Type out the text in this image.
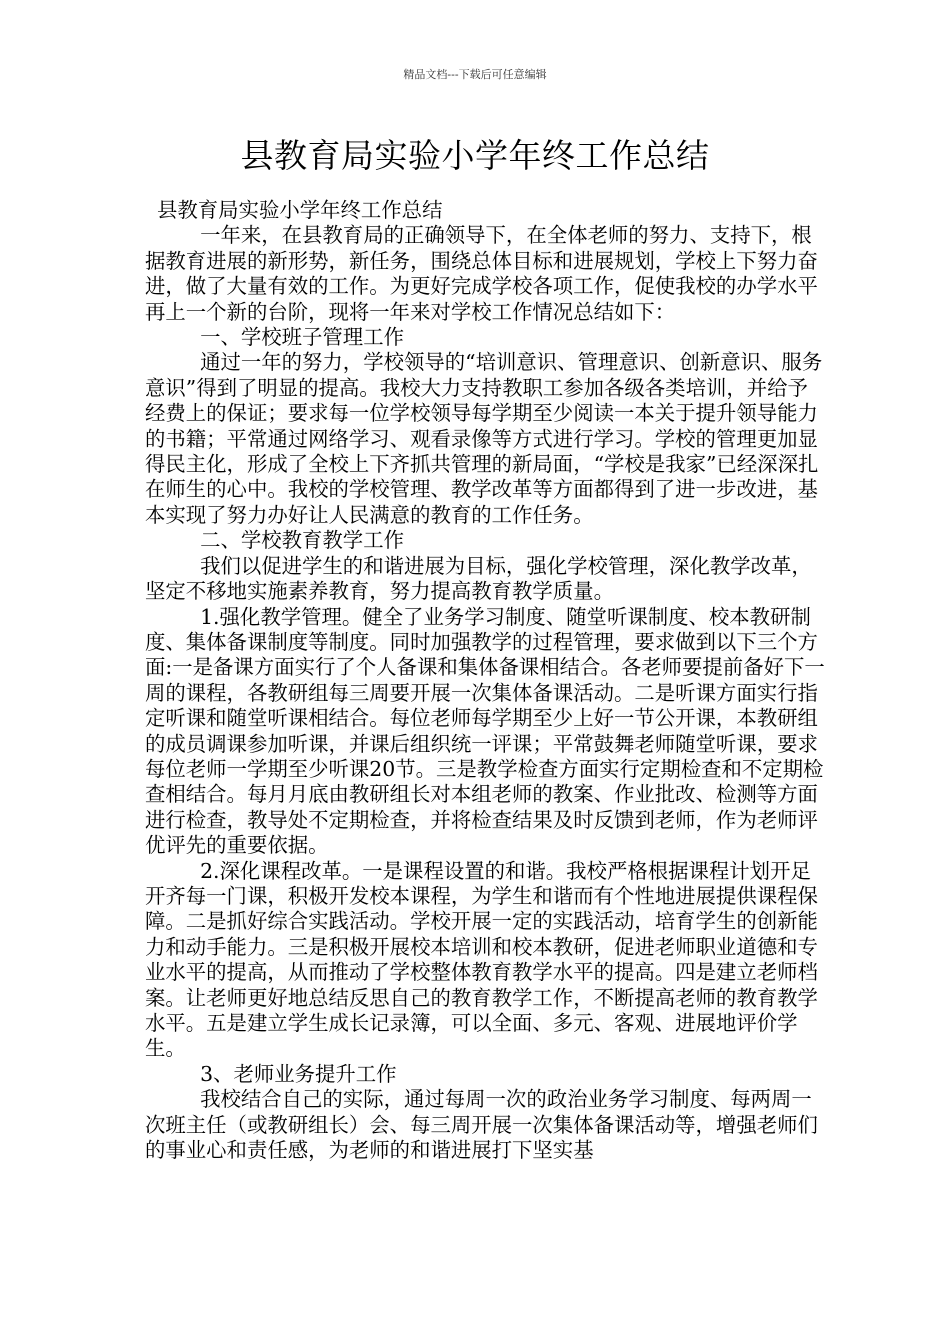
精品文档---下载后可任意编辑
县教育局实验小学年终工作总结

县教育局实验小学年终工作总结

一年来，在县教育局的正确领导下，在全体老师的努力、支持下，根据教育进展的新形势，新任务，围绕总体目标和进展规划，学校上下努力奋进，做了大量有效的工作。为更好完成学校各项工作，促使我校的办学水平再上一个新的台阶，现将一年来对学校工作情况总结如下：

一、学校班子管理工作

通过一年的努力，学校领导的“培训意识、管理意识、创新意识、服务意识”得到了明显的提高。我校大力支持教职工参加各级各类培训，并给予经费上的保证；要求每一位学校领导每学期至少阅读一本关于提升领导能力的书籍；平常通过网络学习、观看录像等方式进行学习。学校的管理更加显得民主化，形成了全校上下齐抓共管理的新局面，“学校是我家”已经深深扎在师生的心中。我校的学校管理、教学改革等方面都得到了进一步改进，基本实现了努力办好让人民满意的教育的工作任务。

二、学校教育教学工作

我们以促进学生的和谐进展为目标，强化学校管理，深化教学改革，坚定不移地实施素养教育，努力提高教育教学质量。

1.强化教学管理。健全了业务学习制度、随堂听课制度、校本教研制度、集体备课制度等制度。同时加强教学的过程管理，要求做到以下三个方面:一是备课方面实行了个人备课和集体备课相结合。各老师要提前备好下一周的课程，各教研组每三周要开展一次集体备课活动。二是听课方面实行指定听课和随堂听课相结合。每位老师每学期至少上好一节公开课，本教研组的成员调课参加听课，并课后组织统一评课；平常鼓舞老师随堂听课，要求每位老师一学期至少听课20节。三是教学检查方面实行定期检查和不定期检查相结合。每月月底由教研组长对本组老师的教案、作业批改、检测等方面进行检查，教导处不定期检查，并将检查结果及时反馈到老师，作为老师评优评先的重要依据。

2.深化课程改革。一是课程设置的和谐。我校严格根据课程计划开足开齐每一门课，积极开发校本课程，为学生和谐而有个性地进展提供课程保障。二是抓好综合实践活动。学校开展一定的实践活动，培育学生的创新能力和动手能力。三是积极开展校本培训和校本教研，促进老师职业道德和专业水平的提高，从而推动了学校整体教育教学水平的提高。四是建立老师档案。让老师更好地总结反思自己的教育教学工作，不断提高老师的教育教学水平。五是建立学生成长记录簿，可以全面、多元、客观、进展地评价学生。

3、老师业务提升工作

我校结合自己的实际，通过每周一次的政治业务学习制度、每两周一次班主任（或教研组长）会、每三周开展一次集体备课活动等，增强老师们的事业心和责任感，为老师的和谐进展打下坚实基
